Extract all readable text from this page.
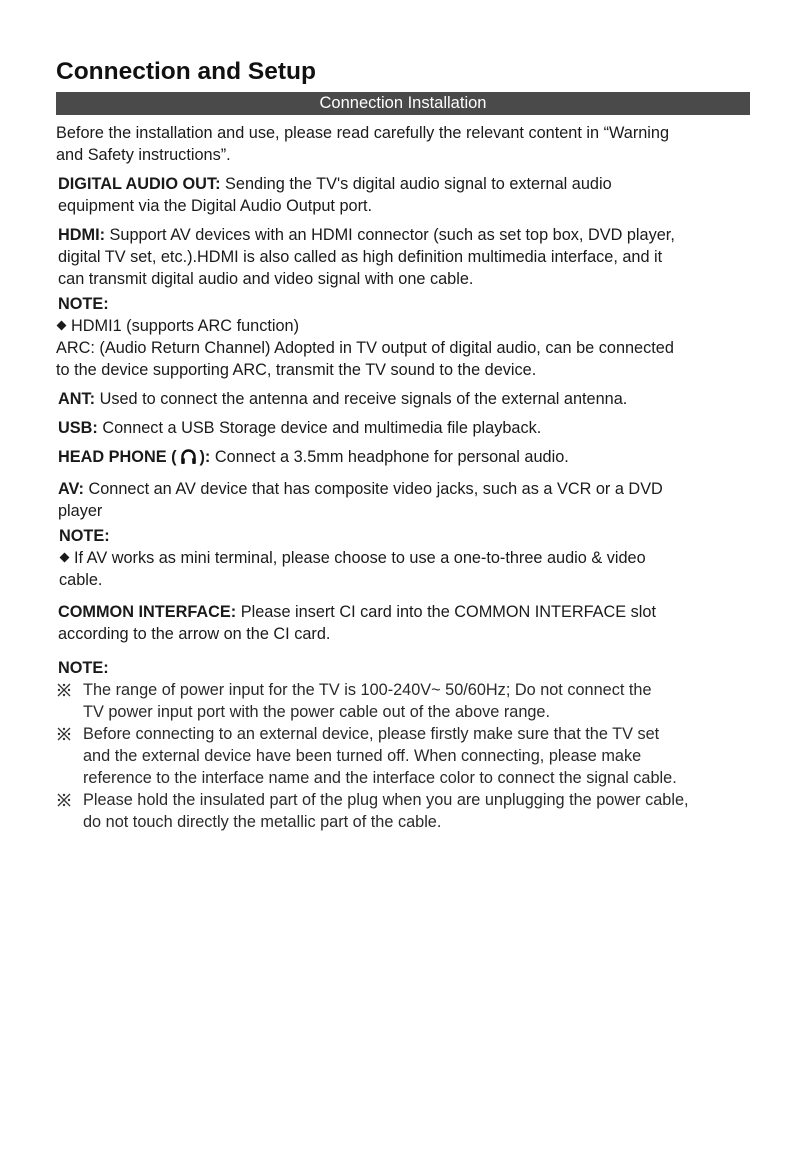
Connection and Setup
Connection Installation

Before the installation and use, please read carefully the relevant content in “Warning

and Safety instructions”.

DIGITAL AUDIO OUT: Sending the TV's digital audio signal to external audio

equipment via the Digital Audio Output port.

HDMI: Support AV devices with an HDMI connector (such as set top box, DVD player,

digital TV set, etc.).HDMI is also called as high definition multimedia interface, and it

can transmit digital audio and video signal with one cable.

NOTE:

HDMI1 (supports ARC function)

ARC: (Audio Return Channel) Adopted in TV output of digital audio, can be connected

to the device supporting ARC, transmit the TV sound to the device.

ANT: Used to connect the antenna and receive signals of the external antenna.

USB: Connect a USB Storage device and multimedia file playback.

HEAD PHONE ( ): Connect a 3.5mm headphone for personal audio.

AV: Connect an AV device that has composite video jacks, such as a VCR or a DVD

player

NOTE:

If AV works as mini terminal, please choose to use a one-to-three audio & video

cable.

COMMON INTERFACE: Please insert CI card into the COMMON INTERFACE slot

according to the arrow on the CI card.

NOTE:

The range of power input for the TV is 100-240V~ 50/60Hz; Do not connect the
TV power input port with the power cable out of the above range.
Before connecting to an external device, please firstly make sure that the TV set
and the external device have been turned off. When connecting, please make
reference to the interface name and the interface color to connect the signal cable.
Please hold the insulated part of the plug when you are unplugging the power cable,
do not touch directly the metallic part of the cable.
